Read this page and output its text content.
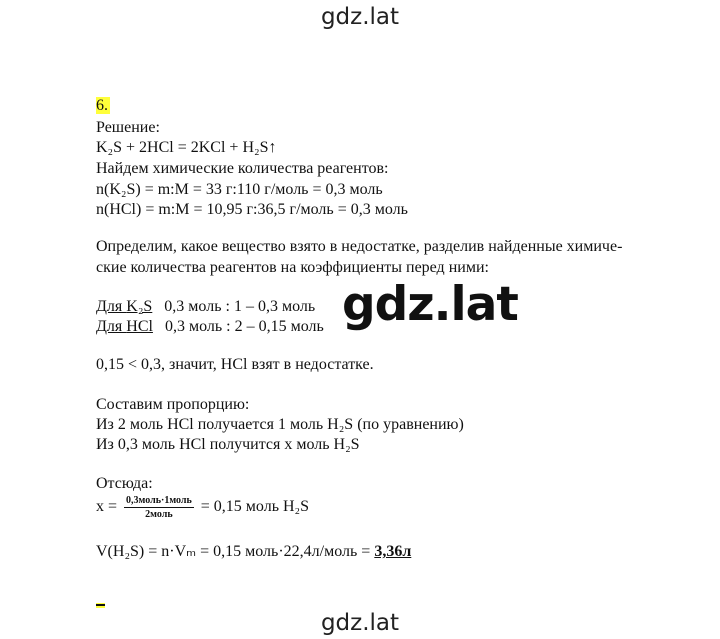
gdz.lat
6.
Решение:
K₂S + 2HCl = 2KCl + H₂S↑
Найдем химические количества реагентов:
n(K₂S) = m:M = 33 г:110 г/моль = 0,3 моль
n(HCl) = m:M = 10,95 г:36,5 г/моль = 0,3 моль
Определим, какое вещество взято в недостатке, разделив найденные химиче-
ские количества реагентов на коэффициенты перед ними:
Для K₂S 0,3 моль : 1 – 0,3 моль
Для HCl 0,3 моль : 2 – 0,15 моль
0,15 < 0,3, значит, HCl взят в недостатке.
Составим пропорцию:
Из 2 моль HCl получается 1 моль H₂S (по уравнению)
Из 0,3 моль HCl получится x моль H₂S
Отсюда:
$x = \frac{\text{0,3моль·1моль}}{\text{2моль}} = 0,15$ моль H₂S
V(H₂S) = n·Vₘ = 0,15 моль·22,4л/моль = 3,36л
gdz.lat
gdz.lat
